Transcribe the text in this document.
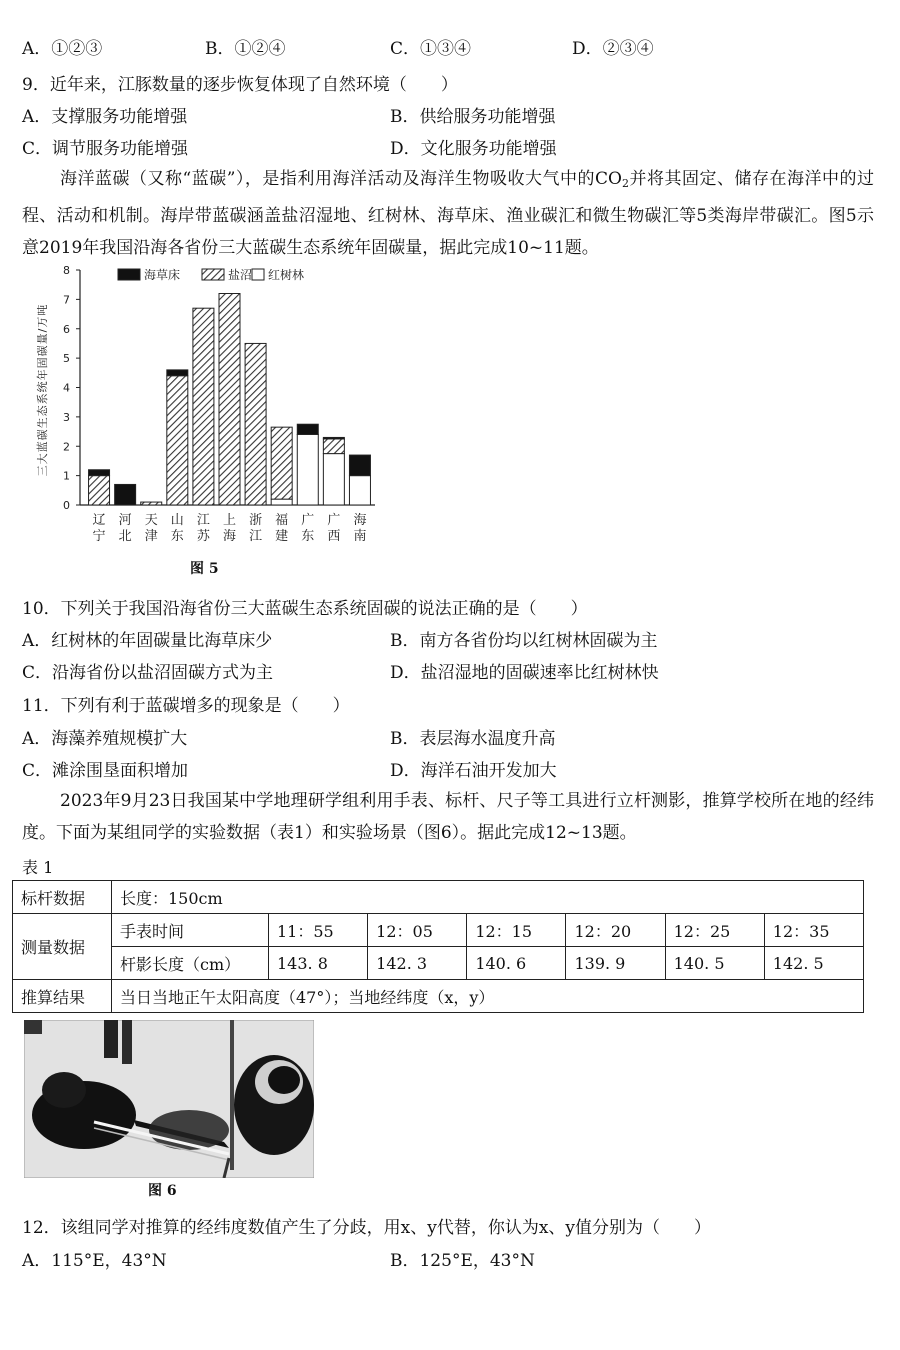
A．①②③	B．①②④	C．①③④	D．②③④
9．近年来，江豚数量的逐步恢复体现了自然环境（　　）
A．支撑服务功能增强	B．供给服务功能增强
C．调节服务功能增强	D．文化服务功能增强
海洋蓝碳（又称“蓝碳”），是指利用海洋活动及海洋生物吸收大气中的$CO_2$并将其固定、储存在海洋中的过程、活动和机制。海岸带蓝碳涵盖盐沼湿地、红树林、海草床、渔业碳汇和微生物碳汇等5类海岸带碳汇。图5示意2019年我国沿海各省份三大蓝碳生态系统年固碳量，据此完成10~11题。
0
1
2
3
4
5
6
7
8
辽
宁
河
北
天
津
山
东
江
苏
上
海
浙
江
福
建
广
东
广
西
海
南
海草床	盐沼 红树林
三大蓝碳生态系统年固碳量/万吨
图 5
10．下列关于我国沿海省份三大蓝碳生态系统固碳的说法正确的是（　　）
A．红树林的年固碳量比海草床少	B．南方各省份均以红树林固碳为主
C．沿海省份以盐沼固碳方式为主	D．盐沼湿地的固碳速率比红树林快
11．下列有利于蓝碳增多的现象是（　　）
A．海藻养殖规模扩大	B．表层海水温度升高
C．滩涂围垦面积增加	D．海洋石油开发加大
2023年9月23日我国某中学地理研学组利用手表、标杆、尺子等工具进行立杆测影，推算学校所在地的经纬度。下面为某组同学的实验数据（表1）和实验场景（图6）。据此完成12~13题。
表 1
标杆数据	长度：150cm						
测量数据	手表时间	11：55	12：05	12：15	12：20	12：25	12：35
	杆影长度（cm）	143. 8	142. 3	140. 6	139. 9	140. 5	142. 5
推算结果	当日当地正午太阳高度（47°）；当地经纬度（x，y）						
图 6
12．该组同学对推算的经纬度数值产生了分歧，用x、y代替，你认为x、y值分别为（　　）
A．115°E，43°N	B．125°E，43°N
